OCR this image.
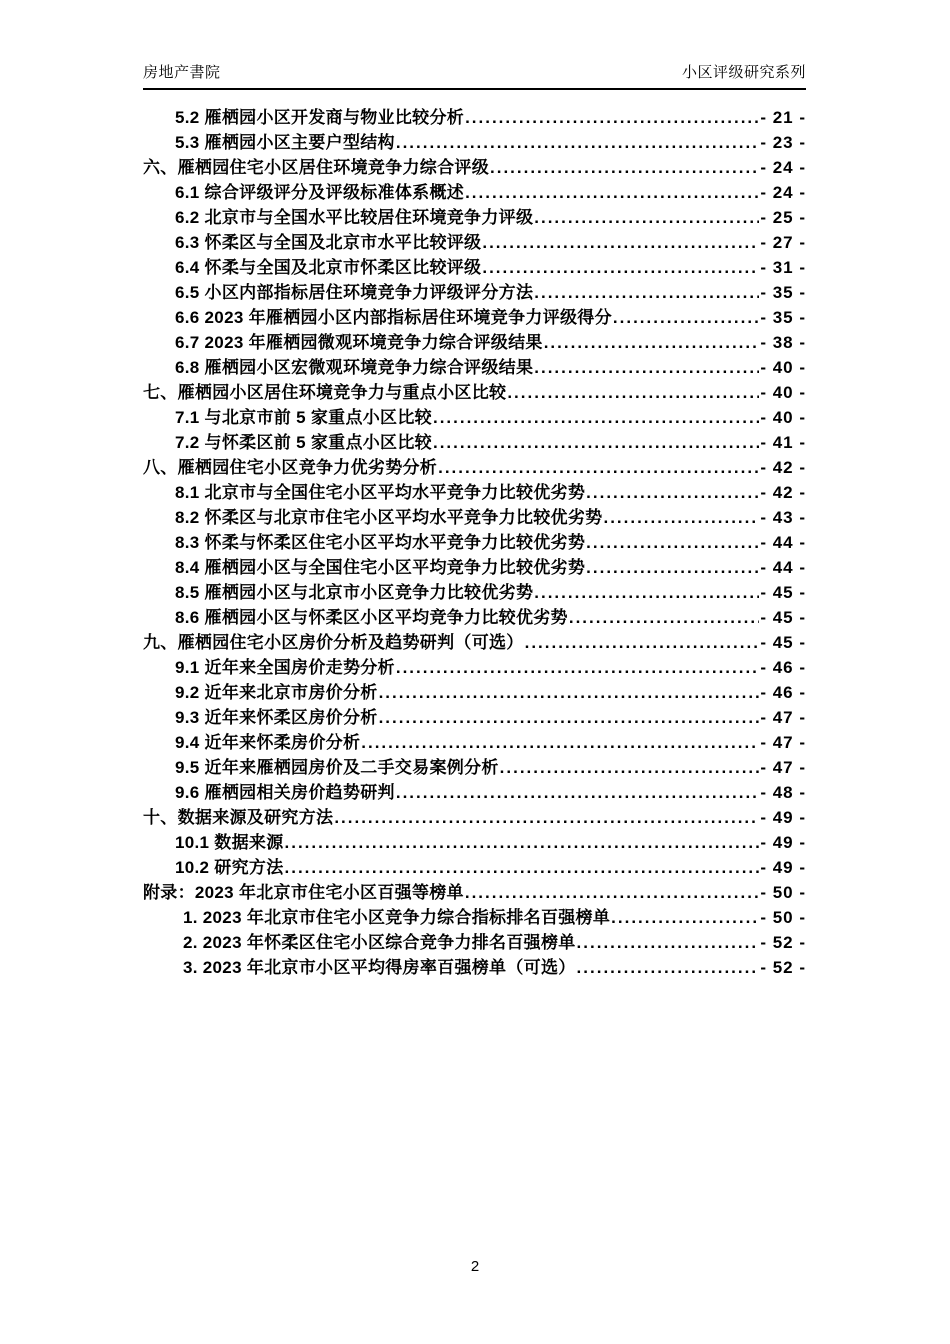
房地产書院	小区评级研究系列
5.2 雁栖园小区开发商与物业比较分析 .....	- 21 -
5.3 雁栖园小区主要户型结构 .....	- 23 -
六、雁栖园住宅小区居住环境竞争力综合评级 .....	- 24 -
6.1 综合评级评分及评级标准体系概述 .....	- 24 -
6.2 北京市与全国水平比较居住环境竞争力评级 .....	- 25 -
6.3 怀柔区与全国及北京市水平比较评级 .....	- 27 -
6.4 怀柔与全国及北京市怀柔区比较评级 .....	- 31 -
6.5 小区内部指标居住环境竞争力评级评分方法 .....	- 35 -
6.6 2023 年雁栖园小区内部指标居住环境竞争力评级得分 .....	- 35 -
6.7 2023 年雁栖园微观环境竞争力综合评级结果 .....	- 38 -
6.8 雁栖园小区宏微观环境竞争力综合评级结果 .....	- 40 -
七、雁栖园小区居住环境竞争力与重点小区比较 .....	- 40 -
7.1 与北京市前 5 家重点小区比较 .....	- 40 -
7.2 与怀柔区前 5 家重点小区比较 .....	- 41 -
八、雁栖园住宅小区竞争力优劣势分析 .....	- 42 -
8.1 北京市与全国住宅小区平均水平竞争力比较优劣势 .....	- 42 -
8.2 怀柔区与北京市住宅小区平均水平竞争力比较优劣势 .....	- 43 -
8.3 怀柔与怀柔区住宅小区平均水平竞争力比较优劣势 .....	- 44 -
8.4 雁栖园小区与全国住宅小区平均竞争力比较优劣势 .....	- 44 -
8.5 雁栖园小区与北京市小区竞争力比较优劣势 .....	- 45 -
8.6 雁栖园小区与怀柔区小区平均竞争力比较优劣势 .....	- 45 -
九、雁栖园住宅小区房价分析及趋势研判（可选） .....	- 45 -
9.1 近年来全国房价走势分析 .....	- 46 -
9.2 近年来北京市房价分析 .....	- 46 -
9.3 近年来怀柔区房价分析 .....	- 47 -
9.4 近年来怀柔房价分析 .....	- 47 -
9.5 近年来雁栖园房价及二手交易案例分析 .....	- 47 -
9.6 雁栖园相关房价趋势研判 .....	- 48 -
十、数据来源及研究方法 .....	- 49 -
10.1 数据来源 .....	- 49 -
10.2 研究方法 .....	- 49 -
附录：2023 年北京市住宅小区百强等榜单 .....	- 50 -
1. 2023 年北京市住宅小区竞争力综合指标排名百强榜单 .....	- 50 -
2. 2023 年怀柔区住宅小区综合竞争力排名百强榜单 .....	- 52 -
3. 2023 年北京市小区平均得房率百强榜单（可选） .....	- 52 -
2
